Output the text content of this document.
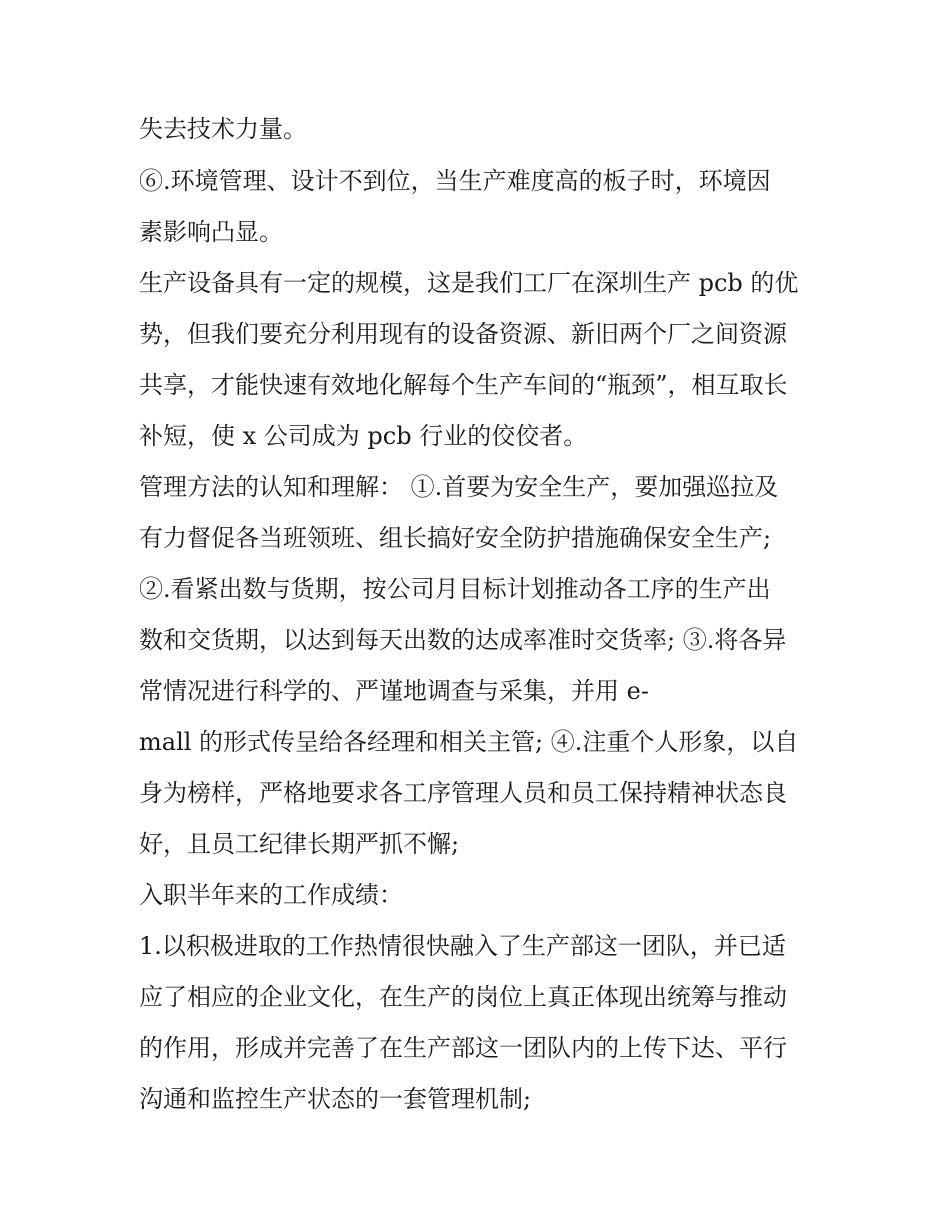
失去技术力量。
⑥.环境管理、设计不到位，当生产难度高的板子时，环境因
素影响凸显。
生产设备具有一定的规模，这是我们工厂在深圳生产 pcb 的优
势，但我们要充分利用现有的设备资源、新旧两个厂之间资源
共享，才能快速有效地化解每个生产车间的“瓶颈”，相互取长
补短，使 x 公司成为 pcb 行业的佼佼者。
管理方法的认知和理解： ①.首要为安全生产，要加强巡拉及
有力督促各当班领班、组长搞好安全防护措施确保安全生产;
②.看紧出数与货期，按公司月目标计划推动各工序的生产出
数和交货期，以达到每天出数的达成率准时交货率; ③.将各异
常情况进行科学的、严谨地调查与采集，并用 e-
mall 的形式传呈给各经理和相关主管; ④.注重个人形象，以自
身为榜样，严格地要求各工序管理人员和员工保持精神状态良
好，且员工纪律长期严抓不懈;
入职半年来的工作成绩：
1.以积极进取的工作热情很快融入了生产部这一团队，并已适
应了相应的企业文化，在生产的岗位上真正体现出统筹与推动
的作用，形成并完善了在生产部这一团队内的上传下达、平行
沟通和监控生产状态的一套管理机制;
